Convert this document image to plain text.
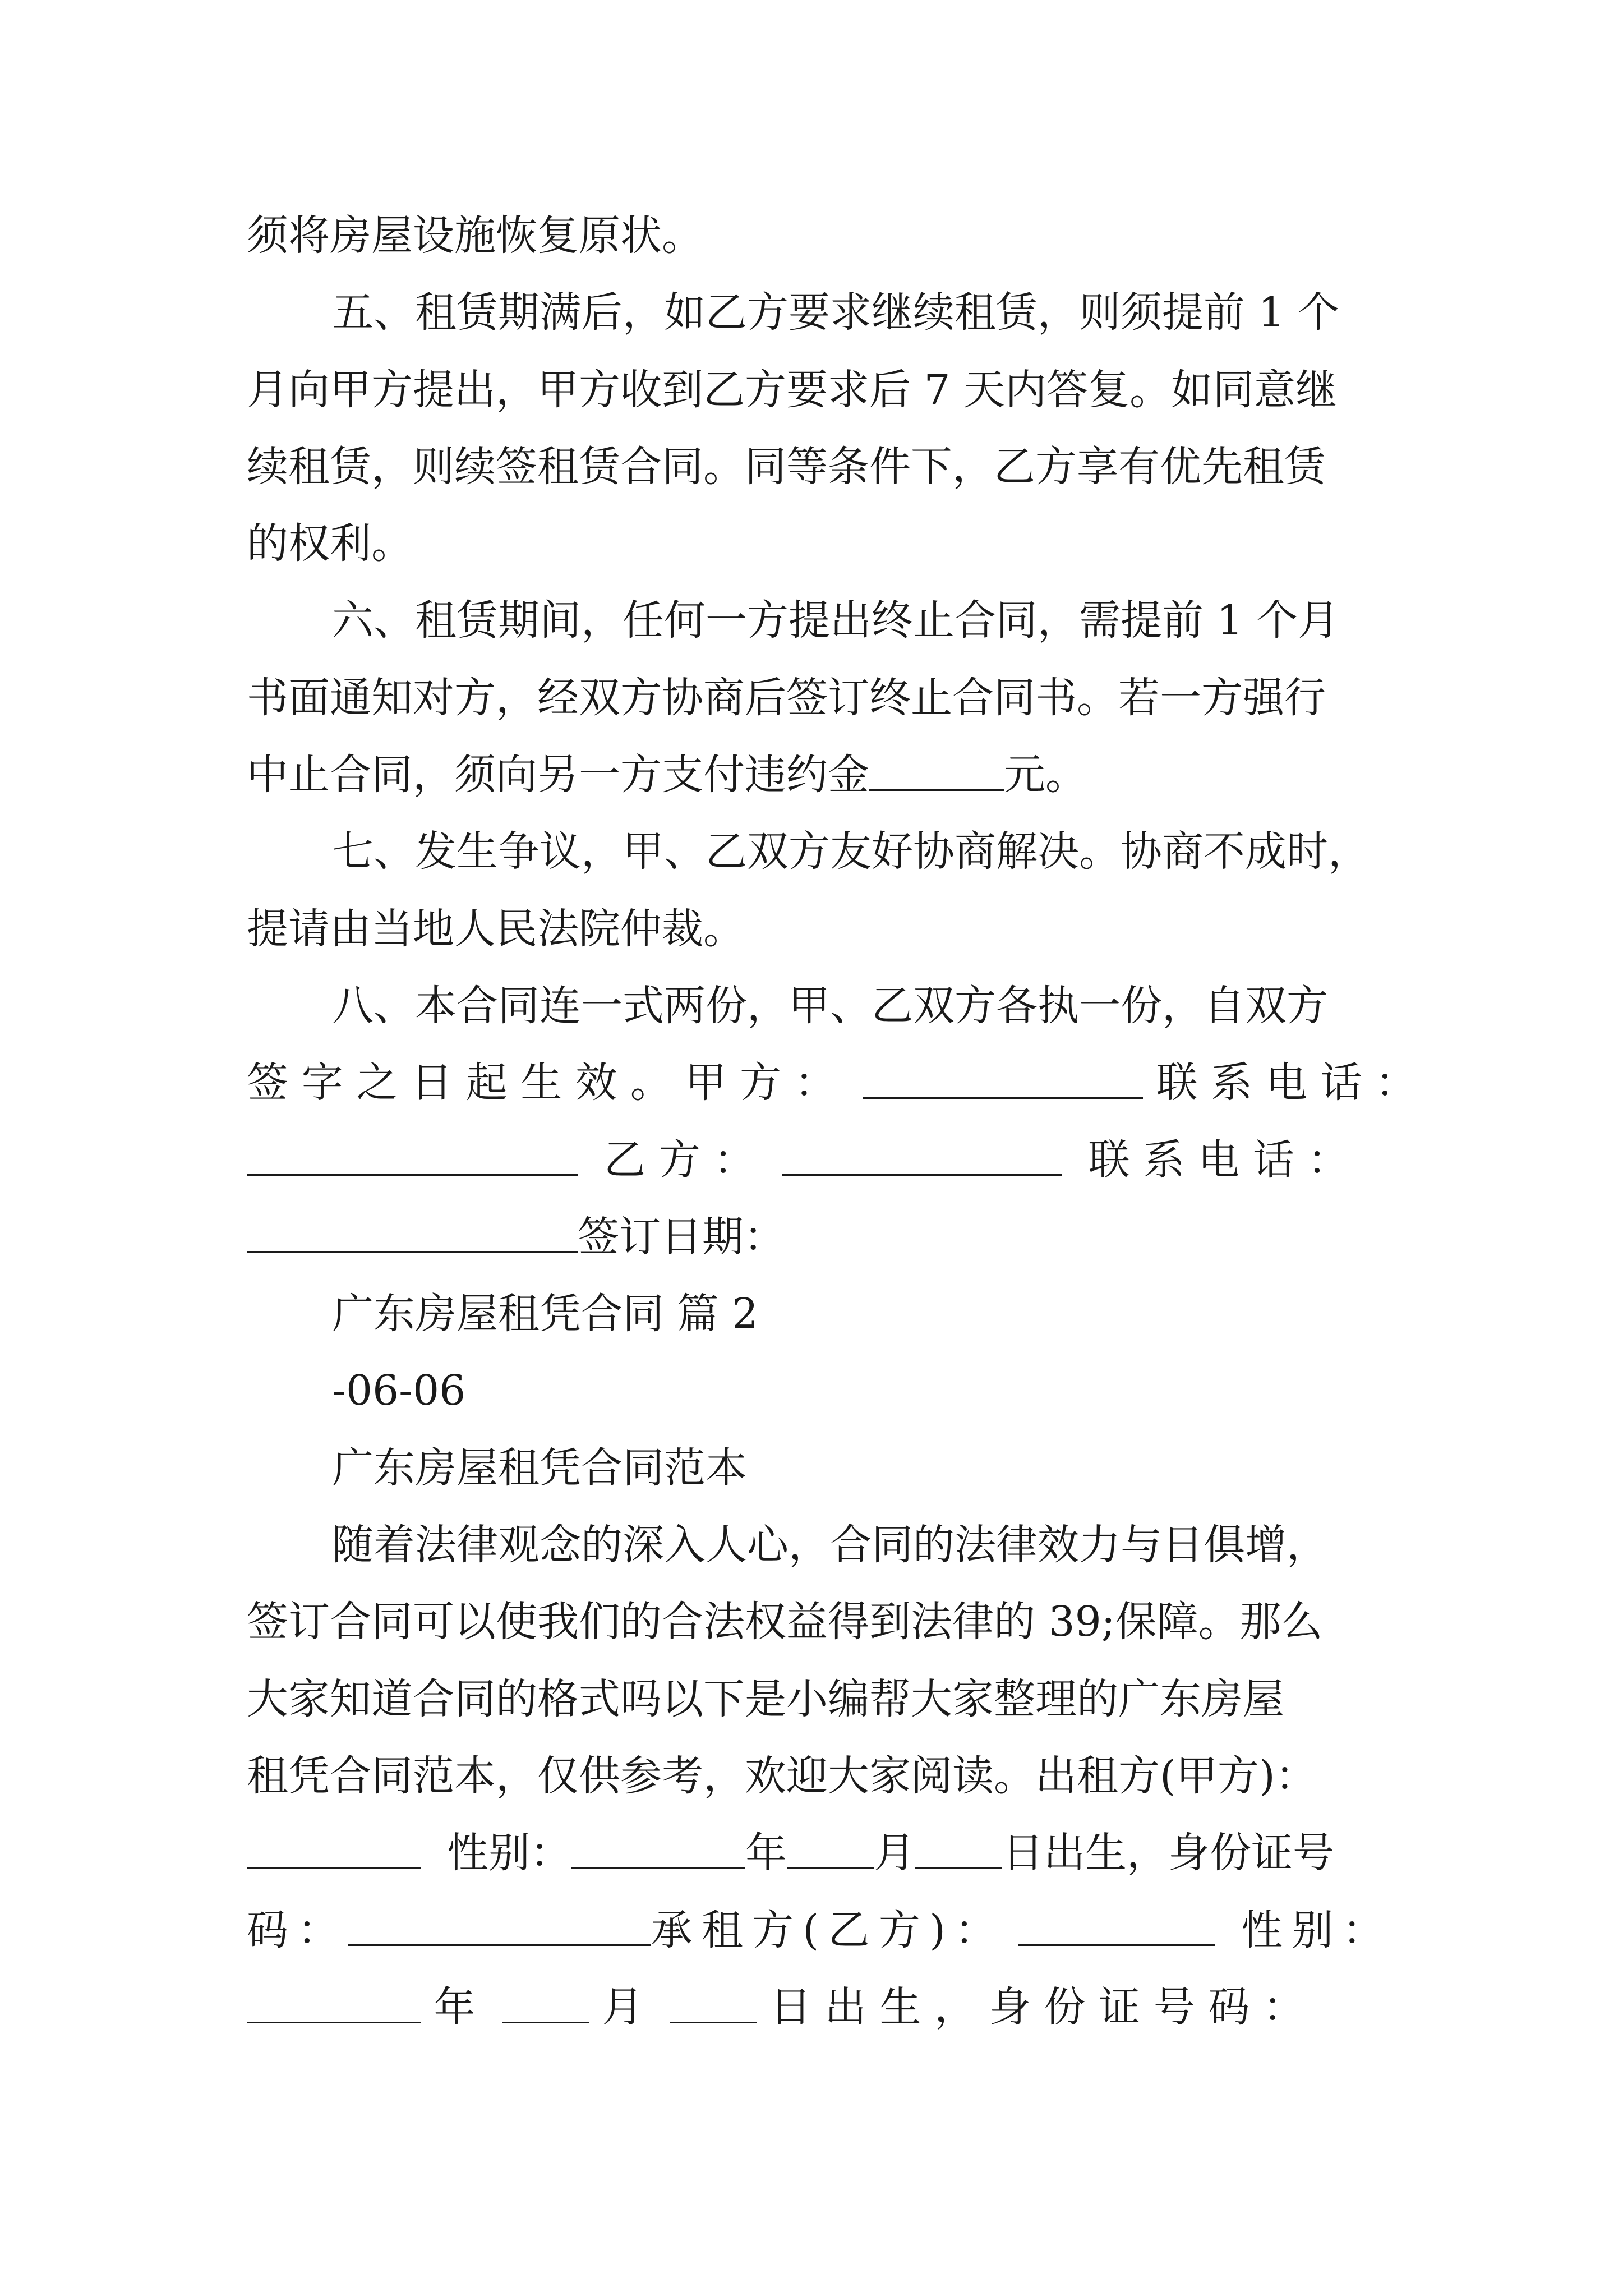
须将房屋设施恢复原状。
五、租赁期满后，如乙方要求继续租赁，则须提前 1 个
月向甲方提出，甲方收到乙方要求后 7 天内答复。如同意继
续租赁，则续签租赁合同。同等条件下，乙方享有优先租赁
的权利。
六、租赁期间，任何一方提出终止合同，需提前 1 个月
书面通知对方，经双方协商后签订终止合同书。若一方强行
中止合同，须向另一方支付违约金	元。
七、发生争议，甲、乙双方友好协商解决。协商不成时，
提请由当地人民法院仲裁。
八、本合同连一式两份，甲、乙双方各执一份，自双方
签字之日起生效。甲方：	联系电话：
乙方：	联系电话：
签订日期：
广东房屋租凭合同 篇 2
-06-06
广东房屋租凭合同范本
随着法律观念的深入人心，合同的法律效力与日俱增，
签订合同可以使我们的合法权益得到法律的 39;保障。那么
大家知道合同的格式吗以下是小编帮大家整理的广东房屋
租凭合同范本，仅供参考，欢迎大家阅读。出租方(甲方)：
性别：	年 月 日出生，身份证号
码：	承租方(乙方)：	性别：
年	月	日出生，身份证号码：
